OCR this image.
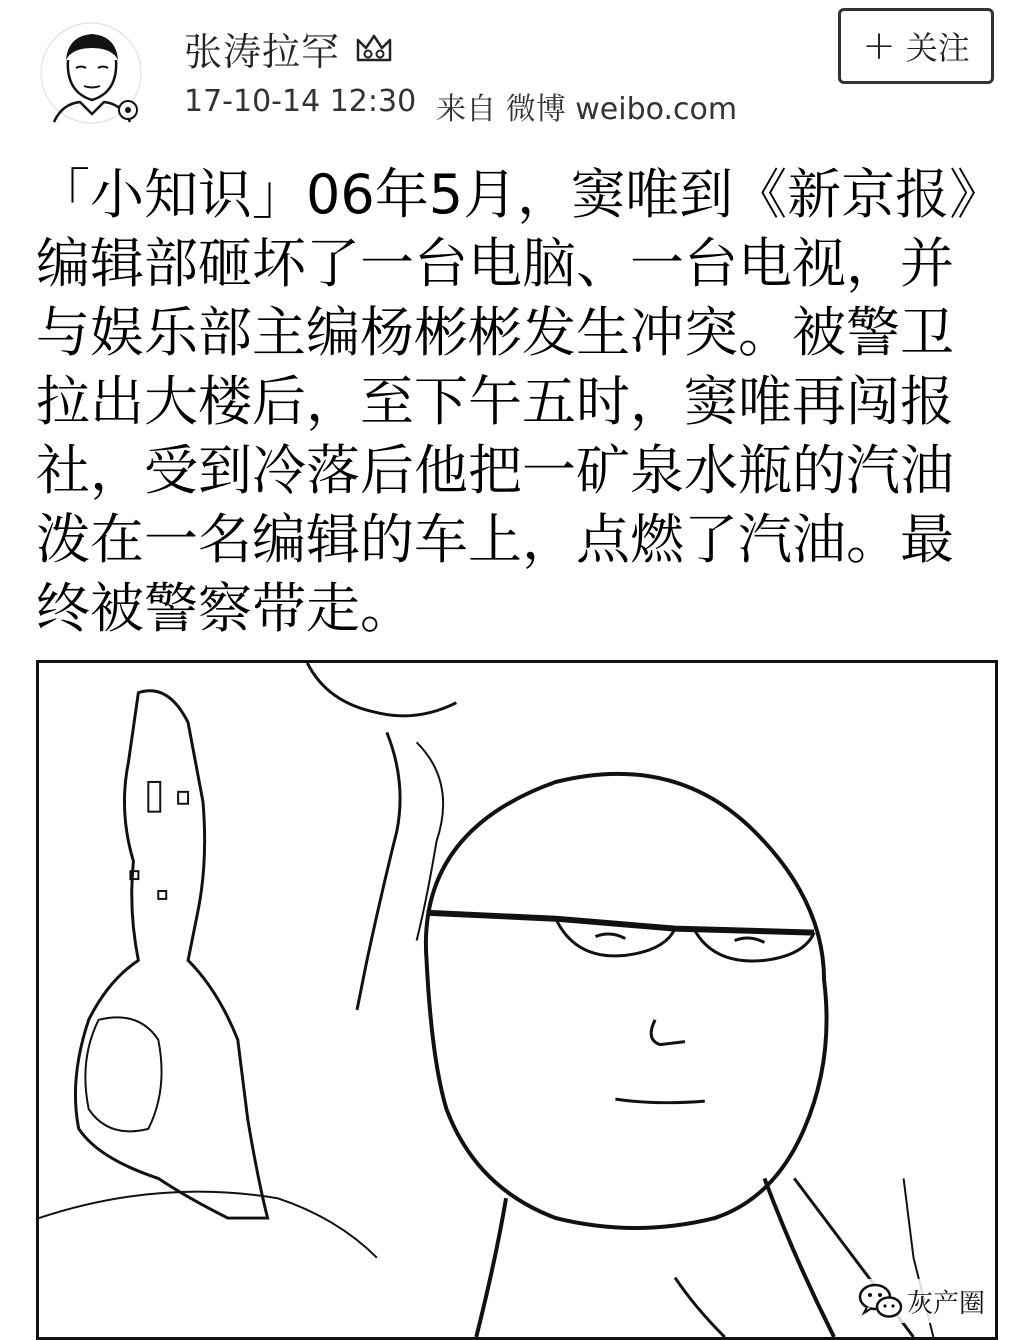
张涛拉罕
17-10-14 12:30 来自 微博 weibo.com
+ 关注

「小知识」06年5月，窦唯到《新京报》编辑部砸坏了一台电脑、一台电视，并与娱乐部主编杨彬彬发生冲突。被警卫拉出大楼后，至下午五时，窦唯再闯报社，受到冷落后他把一矿泉水瓶的汽油泼在一名编辑的车上，点燃了汽油。最终被警察带走。

灰产圈
